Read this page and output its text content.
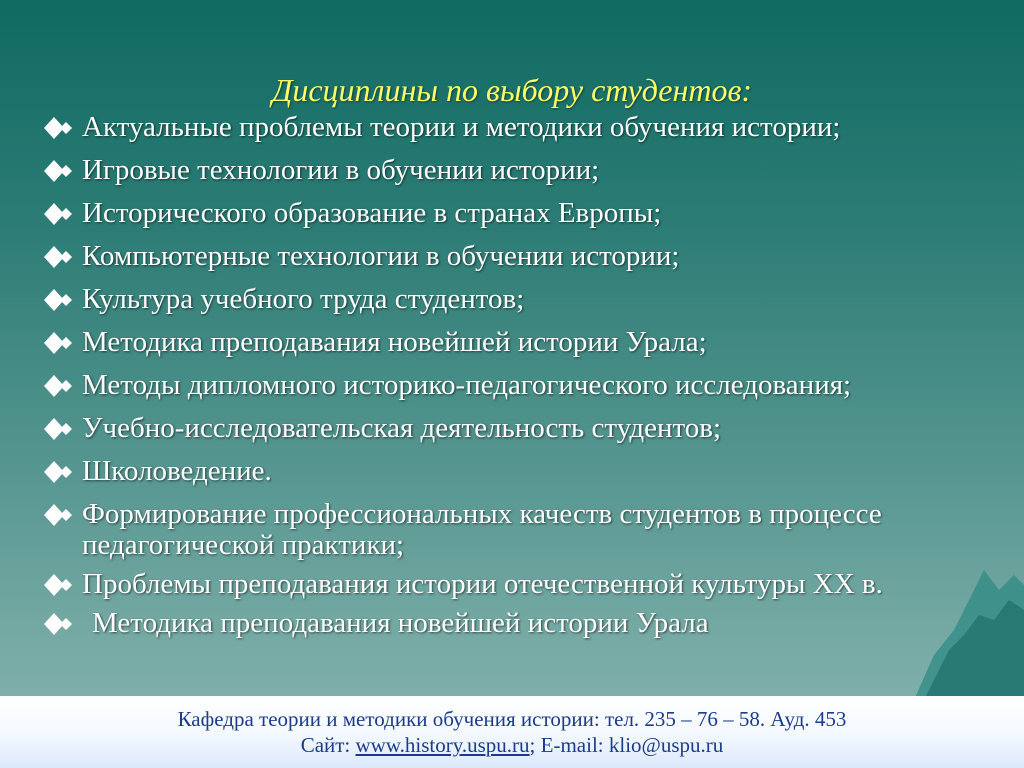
Дисциплины по выбору студентов:
Актуальные проблемы теории и методики обучения истории;
Игровые технологии в обучении истории;
Исторического образование в странах Европы;
Компьютерные технологии в обучении истории;
Культура учебного труда студентов;
Методика преподавания новейшей истории Урала;
Методы дипломного историко-педагогического исследования;
Учебно-исследовательская деятельность студентов;
Школоведение.
Формирование профессиональных качеств студентов в процессе педагогической практики;
Проблемы преподавания истории отечественной культуры XX в.
Методика преподавания новейшей истории Урала
Кафедра теории и методики обучения истории: тел. 235 – 76 – 58. Ауд. 453
Сайт: www.history.uspu.ru; E-mail: klio@uspu.ru
